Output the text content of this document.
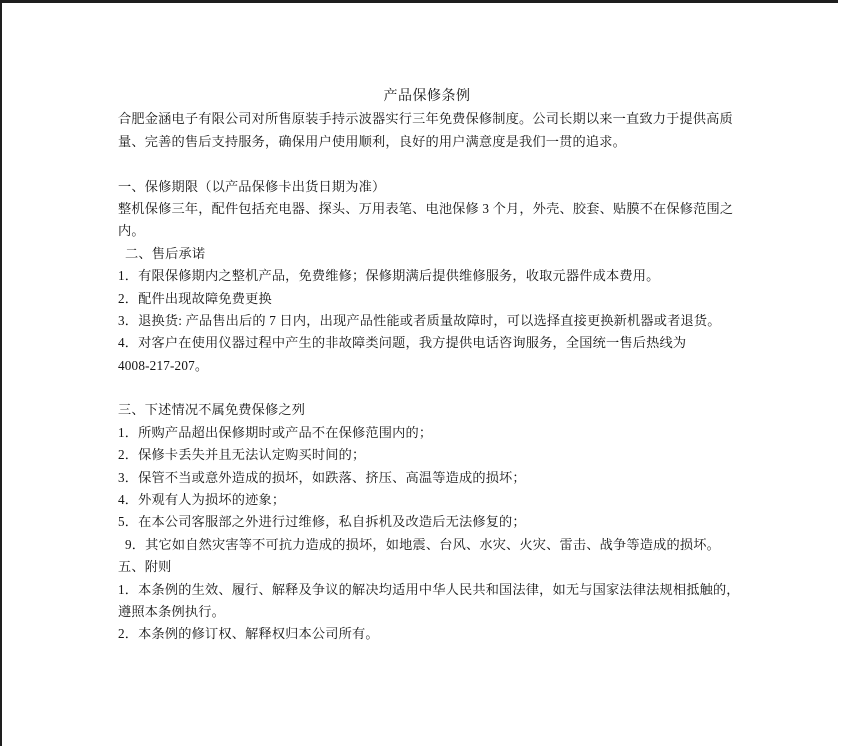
产品保修条例
合肥金涵电子有限公司对所售原装手持示波器实行三年免费保修制度。公司长期以来一直致力于提供高质
量、完善的售后支持服务，确保用户使用顺利，良好的用户满意度是我们一贯的追求。
一、保修期限（以产品保修卡出货日期为准）
整机保修三年，配件包括充电器、探头、万用表笔、电池保修 3 个月，外壳、胶套、贴膜不在保修范围之
内。
二、售后承诺
1．有限保修期内之整机产品，免费维修；保修期满后提供维修服务，收取元器件成本费用。
2．配件出现故障免费更换
3．退换货: 产品售出后的 7 日内，出现产品性能或者质量故障时，可以选择直接更换新机器或者退货。
4．对客户在使用仪器过程中产生的非故障类问题，我方提供电话咨询服务，全国统一售后热线为
4008-217-207。
三、下述情况不属免费保修之列
1．所购产品超出保修期时或产品不在保修范围内的；
2．保修卡丢失并且无法认定购买时间的；
3．保管不当或意外造成的损坏，如跌落、挤压、高温等造成的损坏；
4．外观有人为损坏的迹象；
5．在本公司客服部之外进行过维修，私自拆机及改造后无法修复的；
9．其它如自然灾害等不可抗力造成的损坏，如地震、台风、水灾、火灾、雷击、战争等造成的损坏。
五、附则
1．本条例的生效、履行、解释及争议的解决均适用中华人民共和国法律，如无与国家法律法规相抵触的，
遵照本条例执行。
2．本条例的修订权、解释权归本公司所有。
